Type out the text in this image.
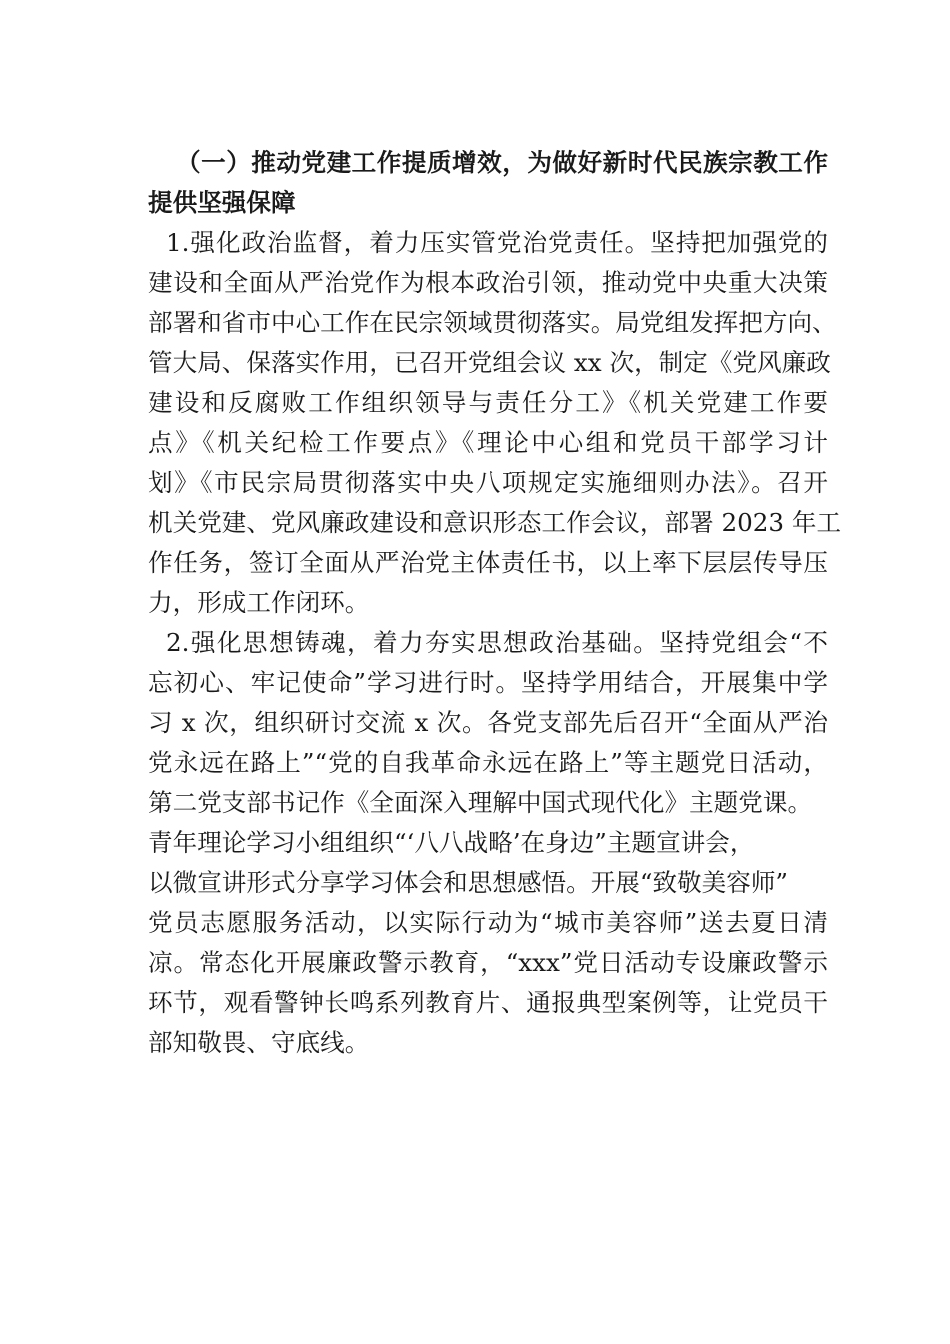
（一）推动党建工作提质增效，为做好新时代民族宗教工作
提供坚强保障
1.强化政治监督，着力压实管党治党责任。坚持把加强党的
建设和全面从严治党作为根本政治引领，推动党中央重大决策
部署和省市中心工作在民宗领域贯彻落实。局党组发挥把方向、
管大局、保落实作用，已召开党组会议 xx 次，制定《党风廉政
建设和反腐败工作组织领导与责任分工》《机关党建工作要
点》《机关纪检工作要点》《理论中心组和党员干部学习计
划》《市民宗局贯彻落实中央八项规定实施细则办法》。召开
机关党建、党风廉政建设和意识形态工作会议，部署 2023 年工
作任务，签订全面从严治党主体责任书，以上率下层层传导压
力，形成工作闭环。
2.强化思想铸魂，着力夯实思想政治基础。坚持党组会“不
忘初心、牢记使命”学习进行时。坚持学用结合，开展集中学
习 x 次，组织研讨交流 x 次。各党支部先后召开“全面从严治
党永远在路上”“党的自我革命永远在路上”等主题党日活动，
第二党支部书记作《全面深入理解中国式现代化》主题党课。
青年理论学习小组组织“‘八八战略’在身边”主题宣讲会，
以微宣讲形式分享学习体会和思想感悟。开展“致敬美容师”
党员志愿服务活动，以实际行动为“城市美容师”送去夏日清
凉。常态化开展廉政警示教育，“xxx”党日活动专设廉政警示
环节，观看警钟长鸣系列教育片、通报典型案例等，让党员干
部知敬畏、守底线。
